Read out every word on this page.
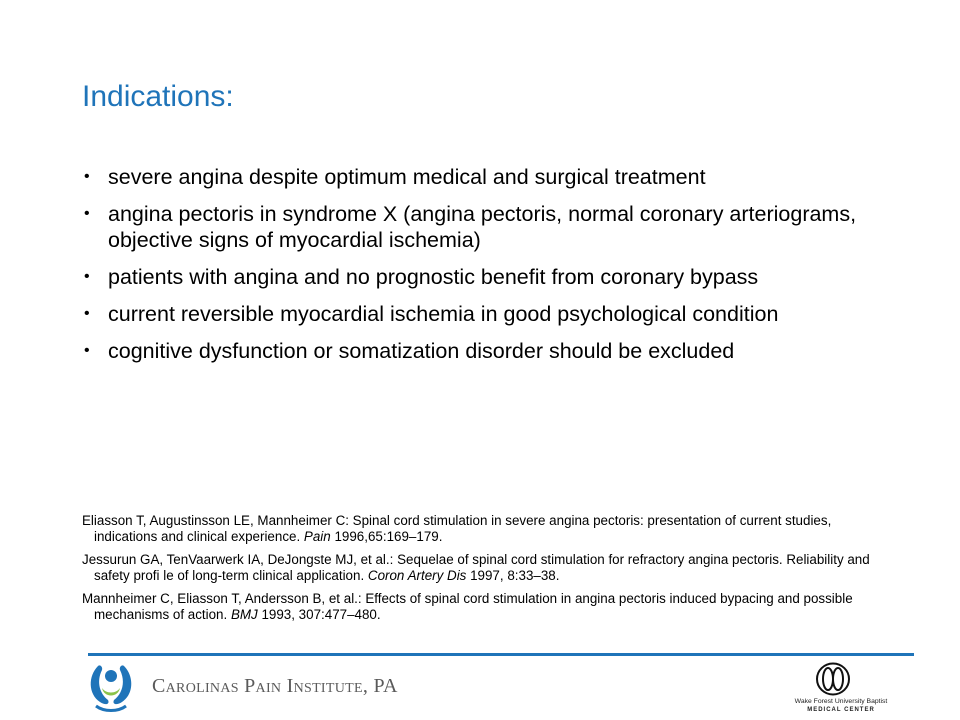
Indications:
• severe angina despite optimum medical and surgical treatment
• angina pectoris in syndrome X (angina pectoris, normal coronary arteriograms, objective signs of myocardial ischemia)
• patients with angina and no prognostic benefit from coronary bypass
• current reversible myocardial ischemia in good psychological condition
• cognitive dysfunction or somatization disorder should be excluded

Eliasson T, Augustinsson LE, Mannheimer C: Spinal cord stimulation in severe angina pectoris: presentation of current studies, indications and clinical experience. Pain 1996,65:169–179.

Jessurun GA, TenVaarwerk IA, DeJongste MJ, et al.: Sequelae of spinal cord stimulation for refractory angina pectoris. Reliability and safety profi le of long-term clinical application. Coron Artery Dis 1997, 8:33–38.

Mannheimer C, Eliasson T, Andersson B, et al.: Effects of spinal cord stimulation in angina pectoris induced bypacing and possible mechanisms of action. BMJ 1993, 307:477–480.

Carolinas Pain Institute, PA
Wake Forest University Baptist
MEDICAL CENTER
